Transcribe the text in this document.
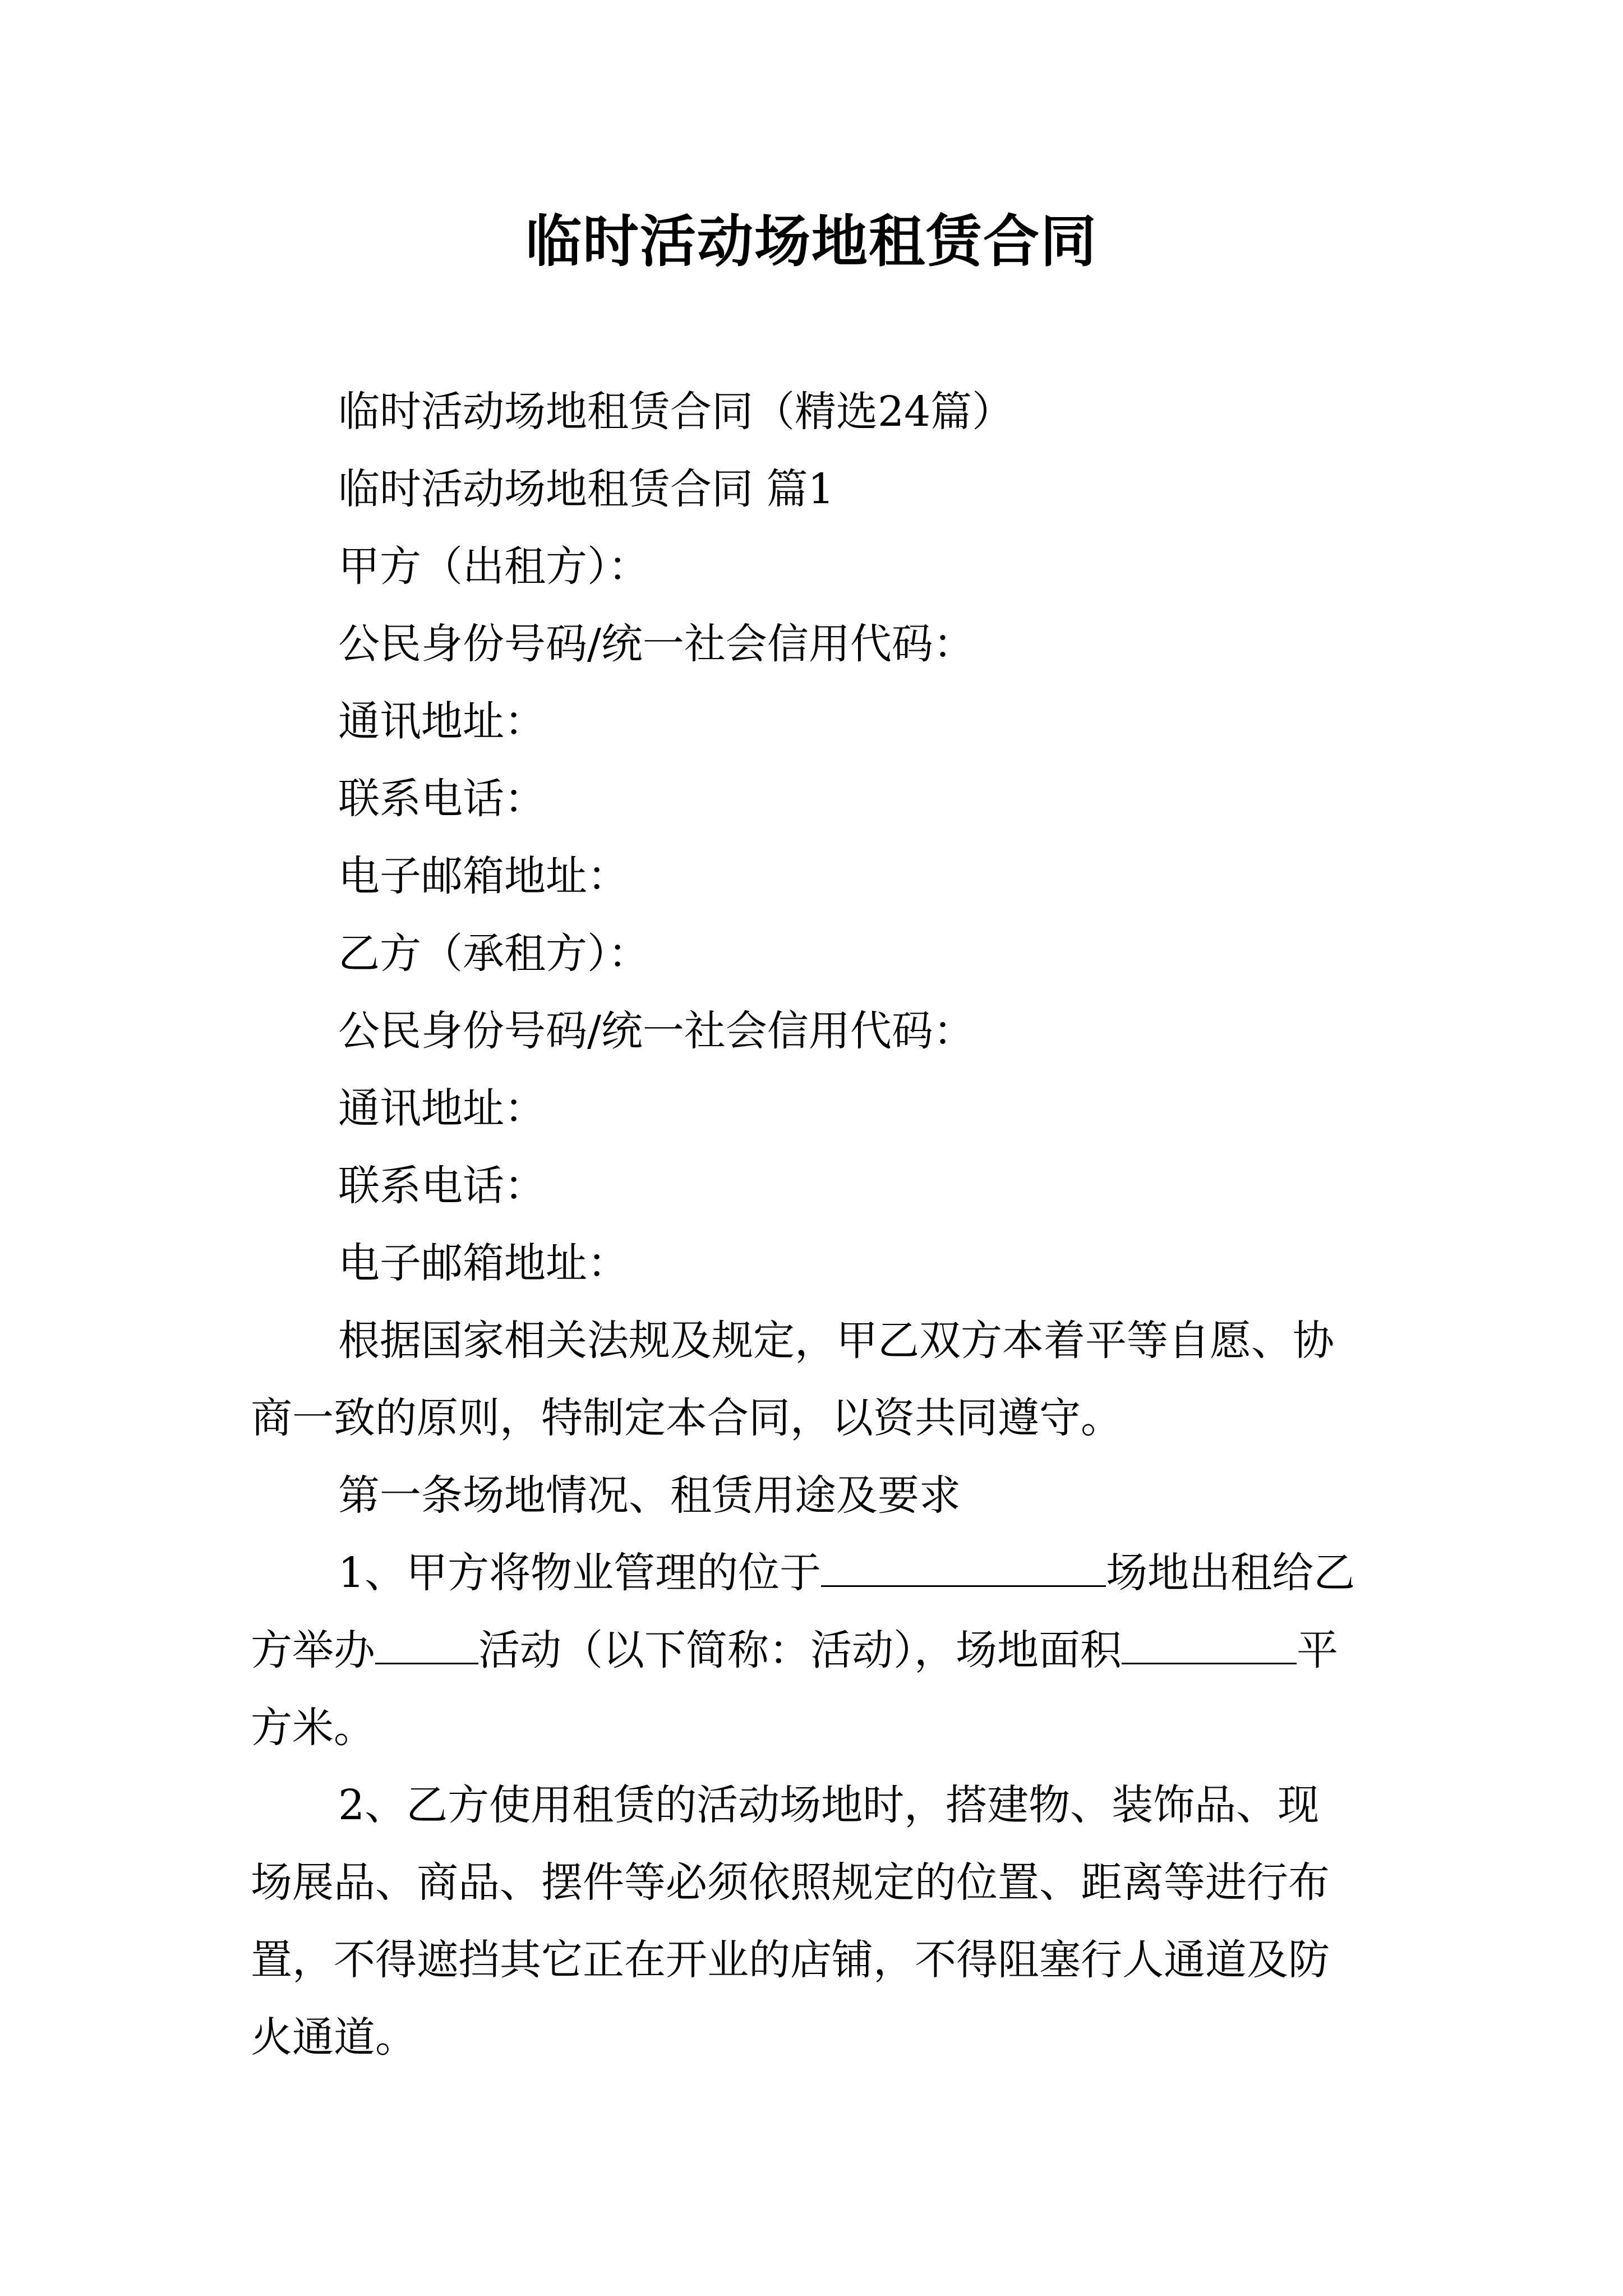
临时活动场地租赁合同
临时活动场地租赁合同（精选24篇）
临时活动场地租赁合同 篇1
甲方（出租方）：
公民身份号码/统一社会信用代码：
通讯地址：
联系电话：
电子邮箱地址：
乙方（承租方）：
公民身份号码/统一社会信用代码：
通讯地址：
联系电话：
电子邮箱地址：
根据国家相关法规及规定，甲乙双方本着平等自愿、协
商一致的原则，特制定本合同，以资共同遵守。
第一条场地情况、租赁用途及要求
1、甲方将物业管理的位于	场地出租给乙
方举办 活动（以下简称：活动），场地面积	平
方米。
2、乙方使用租赁的活动场地时，搭建物、装饰品、现
场展品、商品、摆件等必须依照规定的位置、距离等进行布
置，不得遮挡其它正在开业的店铺，不得阻塞行人通道及防
火通道。
